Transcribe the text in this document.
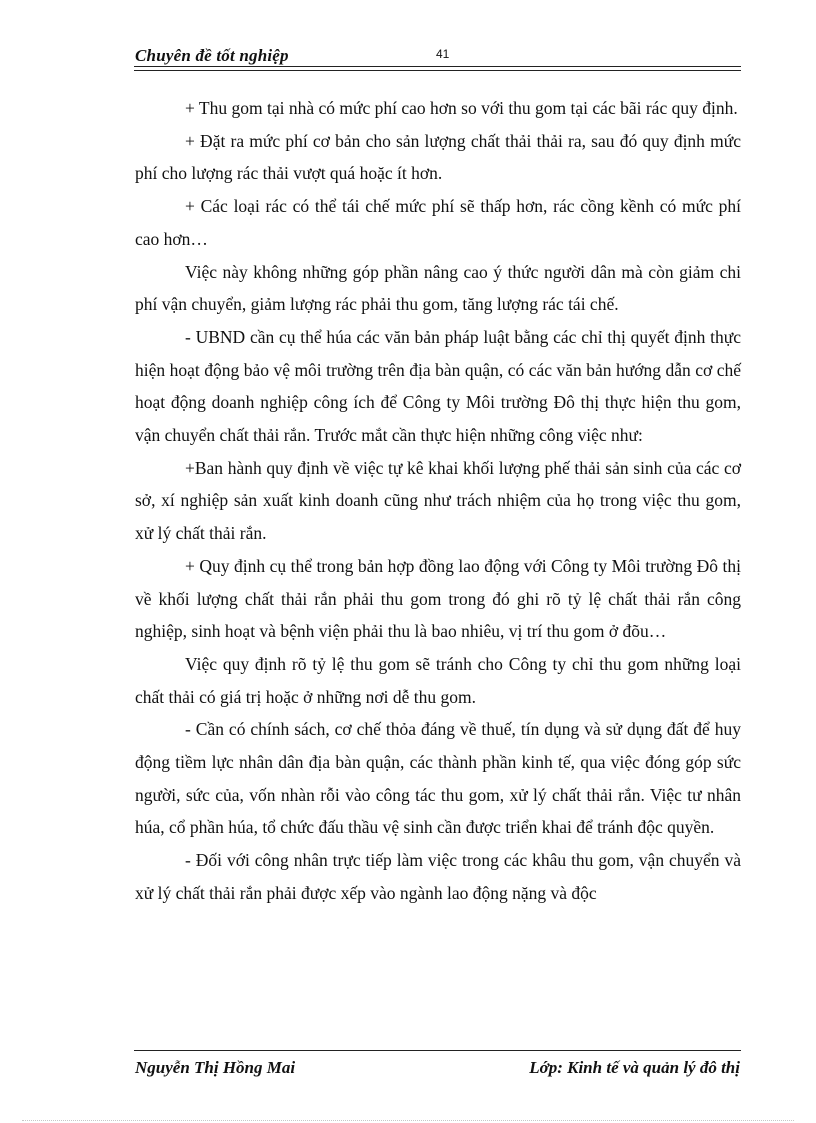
Chuyên đề tốt nghiệp	41

+ Thu gom tại nhà có mức phí cao hơn so với thu gom tại các bãi rác quy định.

+ Đặt ra mức phí cơ bản cho sản lượng chất thải thải ra, sau đó quy định mức phí cho lượng rác thải vượt quá hoặc ít hơn.

+ Các loại rác có thể tái chế mức phí sẽ thấp hơn, rác cồng kềnh có mức phí cao hơn…

Việc này không những góp phần nâng cao ý thức người dân mà còn giảm chi phí vận chuyển, giảm lượng rác phải thu gom, tăng lượng rác tái chế.

- UBND cần cụ thể húa các văn bản pháp luật bằng các chỉ thị quyết định thực hiện hoạt động bảo vệ môi trường trên địa bàn quận, có các văn bản hướng dẫn cơ chế hoạt động doanh nghiệp công ích để Công ty Môi trường Đô thị thực hiện thu gom, vận chuyển chất thải rắn. Trước mắt cần thực hiện những công việc như:

+Ban hành quy định về việc tự kê khai khối lượng phế thải sản sinh của các cơ sở, xí nghiệp sản xuất kinh doanh cũng như trách nhiệm của họ trong việc thu gom, xử lý chất thải rắn.

+ Quy định cụ thể trong bản hợp đồng lao động với Công ty Môi trường Đô thị về khối lượng chất thải rắn phải thu gom trong đó ghi rõ tỷ lệ chất thải rắn công nghiệp, sinh hoạt và bệnh viện phải thu là bao nhiêu, vị trí thu gom ở đõu…

Việc quy định rõ tỷ lệ thu gom sẽ tránh cho Công ty chỉ thu gom những loại chất thải có giá trị hoặc ở những nơi dễ thu gom.

- Cần có chính sách, cơ chế thỏa đáng về thuế, tín dụng và sử dụng đất để huy động tiềm lực nhân dân địa bàn quận, các thành phần kinh tế, qua việc đóng góp sức người, sức của, vốn nhàn rỗi vào công tác thu gom, xử lý chất thải rắn. Việc tư nhân húa, cổ phần húa, tổ chức đấu thầu vệ sinh cần được triển khai để tránh độc quyền.

- Đối với công nhân trực tiếp làm việc trong các khâu thu gom, vận chuyển và xử lý chất thải rắn phải được xếp vào ngành lao động nặng và độc

Nguyễn Thị Hồng Mai	Lớp: Kinh tế và quản lý đô thị
